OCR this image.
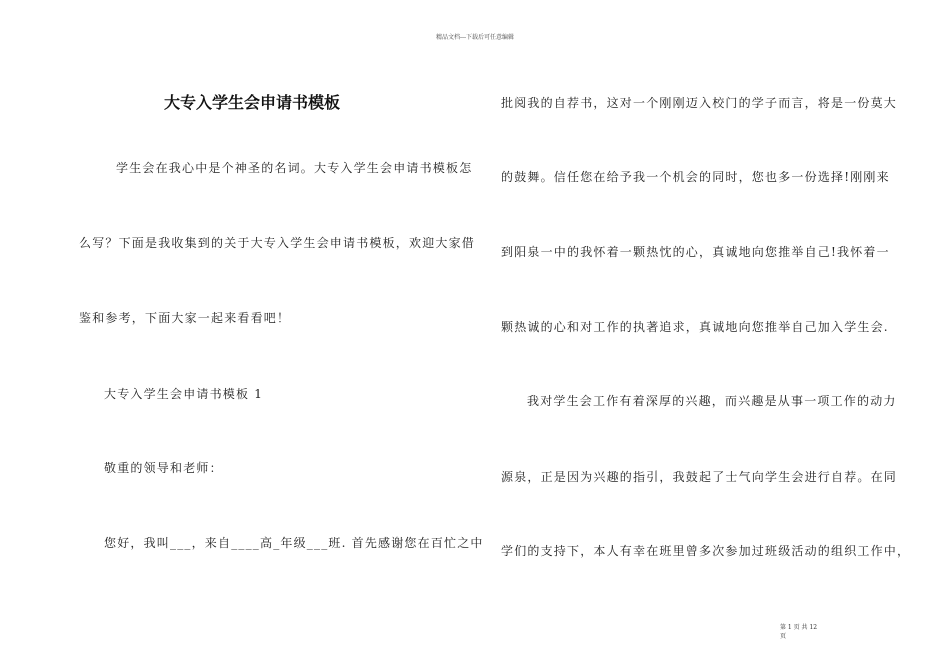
精品文档---下载后可任意编辑
大专入学生会申请书模板
学生会在我心中是个神圣的名词。大专入学生会申请书模板怎
么写？下面是我收集到的关于大专入学生会申请书模板，欢迎大家借
鉴和参考，下面大家一起来看看吧！
大专入学生会申请书模板 1
敬重的领导和老师：
您好，我叫___，来自____高_年级___班. 首先感谢您在百忙之中
批阅我的自荐书，这对一个刚刚迈入校门的学子而言，将是一份莫大
的鼓舞。信任您在给予我一个机会的同时，您也多一份选择!刚刚来
到阳泉一中的我怀着一颗热忱的心，真诚地向您推举自己!我怀着一
颗热诚的心和对工作的执著追求，真诚地向您推举自己加入学生会.
我对学生会工作有着深厚的兴趣，而兴趣是从事一项工作的动力
源泉，正是因为兴趣的指引，我鼓起了士气向学生会进行自荐。在同
学们的支持下，本人有幸在班里曾多次参加过班级活动的组织工作中，
第 1 页 共 12
页
